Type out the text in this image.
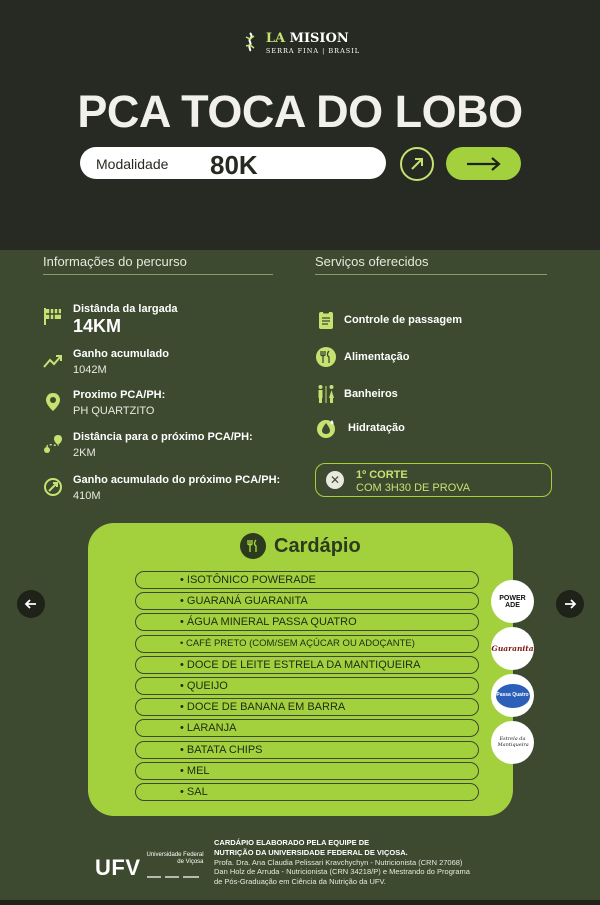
LA MISION
SERRA FINA | BRASIL
PCA TOCA DO LOBO
Modalidade 80K
Informações do percurso	Serviços oferecidos
Distânda da largada
14KM
Ganho acumulado
1042M
Proximo PCA/PH:
PH QUARTZITO
Distância para o próximo PCA/PH:
2KM
Ganho acumulado do próximo PCA/PH:
410M
Controle de passagem
Alimentação
Banheiros
Hidratação
✕	1º CORTE
COM 3H30 DE PROVA
Cardápio
• ISOTÔNICO POWERADE
• GUARANÁ GUARANITA
• ÁGUA MINERAL PASSA QUATRO
• CAFÉ PRETO (COM/SEM AÇÚCAR OU ADOÇANTE)
• DOCE DE LEITE ESTRELA DA MANTIQUEIRA
• QUEIJO
• DOCE DE BANANA EM BARRA
• LARANJA
• BATATA CHIPS
• MEL
• SAL
POWER ADE
Guaranita
Passa Quatro
Estrela da Mantiqueira
UFV
Universidade Federal
de Viçosa
CARDÁPIO ELABORADO PELA EQUIPE DE
NUTRIÇÃO DA UNIVERSIDADE FEDERAL DE VIÇOSA.
Profa. Dra. Ana Claudia Pelissari Kravchychyn - Nutricionista (CRN 27068)
Dan Holz de Arruda - Nutricionista (CRN 34218/P) e Mestrando do Programa
de Pós-Graduação em Ciência da Nutrição da UFV.
